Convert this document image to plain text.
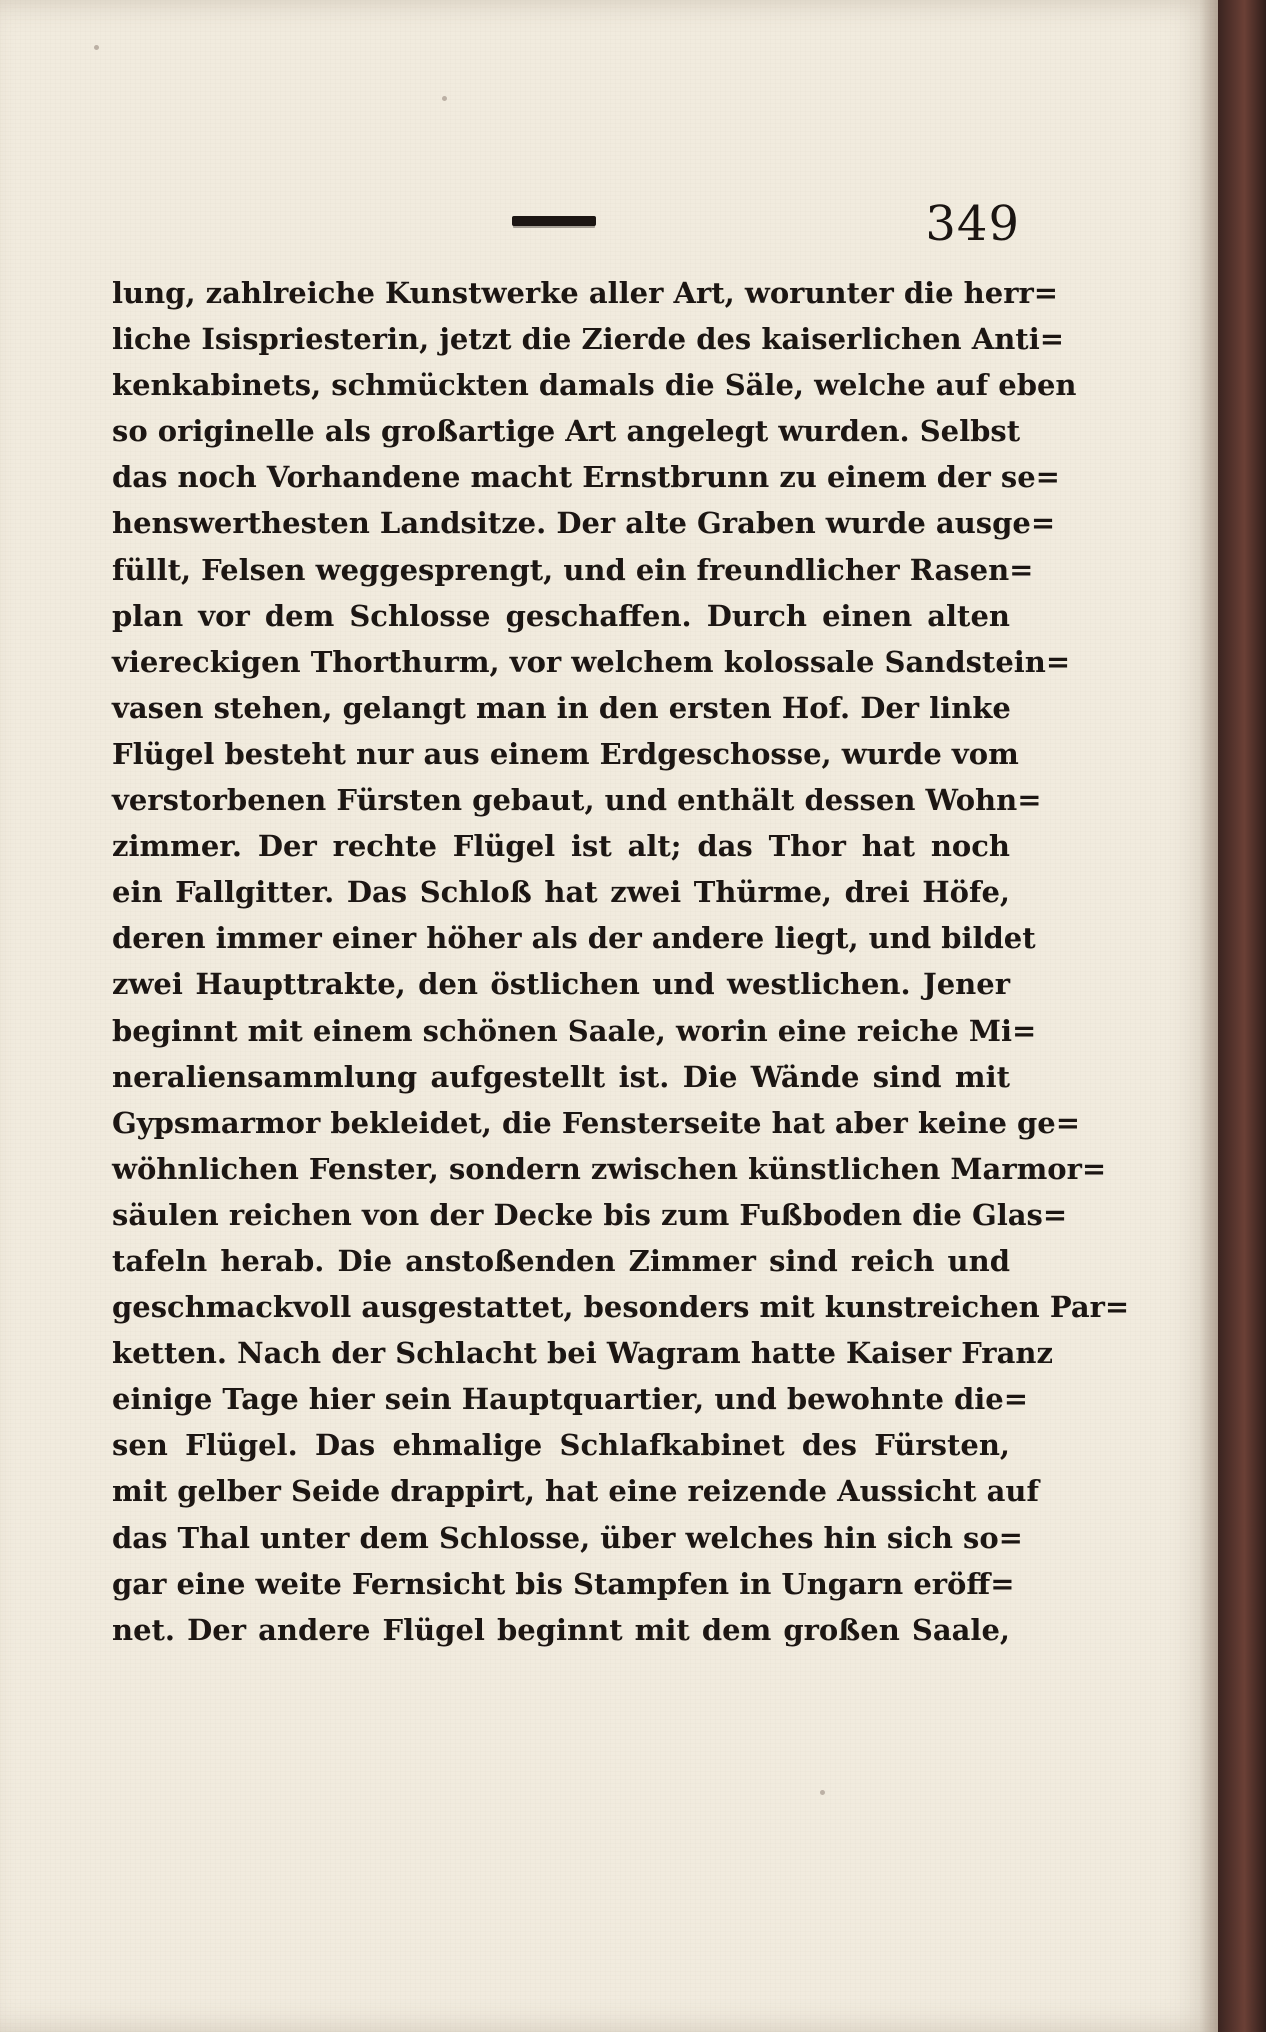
349
lung, zahlreiche Kunstwerke aller Art, worunter die herr=
liche Isispriesterin, jetzt die Zierde des kaiserlichen Anti=
kenkabinets, schmückten damals die Säle, welche auf eben
so originelle als großartige Art angelegt wurden. Selbst
das noch Vorhandene macht Ernstbrunn zu einem der se=
henswerthesten Landsitze. Der alte Graben wurde ausge=
füllt, Felsen weggesprengt, und ein freundlicher Rasen=
plan vor dem Schlosse geschaffen. Durch einen alten
viereckigen Thorthurm, vor welchem kolossale Sandstein=
vasen stehen, gelangt man in den ersten Hof. Der linke
Flügel besteht nur aus einem Erdgeschosse, wurde vom
verstorbenen Fürsten gebaut, und enthält dessen Wohn=
zimmer. Der rechte Flügel ist alt; das Thor hat noch
ein Fallgitter. Das Schloß hat zwei Thürme, drei Höfe,
deren immer einer höher als der andere liegt, und bildet
zwei Haupttrakte, den östlichen und westlichen. Jener
beginnt mit einem schönen Saale, worin eine reiche Mi=
neraliensammlung aufgestellt ist. Die Wände sind mit
Gypsmarmor bekleidet, die Fensterseite hat aber keine ge=
wöhnlichen Fenster, sondern zwischen künstlichen Marmor=
säulen reichen von der Decke bis zum Fußboden die Glas=
tafeln herab. Die anstoßenden Zimmer sind reich und
geschmackvoll ausgestattet, besonders mit kunstreichen Par=
ketten. Nach der Schlacht bei Wagram hatte Kaiser Franz
einige Tage hier sein Hauptquartier, und bewohnte die=
sen Flügel. Das ehmalige Schlafkabinet des Fürsten,
mit gelber Seide drappirt, hat eine reizende Aussicht auf
das Thal unter dem Schlosse, über welches hin sich so=
gar eine weite Fernsicht bis Stampfen in Ungarn eröff=
net. Der andere Flügel beginnt mit dem großen Saale,
